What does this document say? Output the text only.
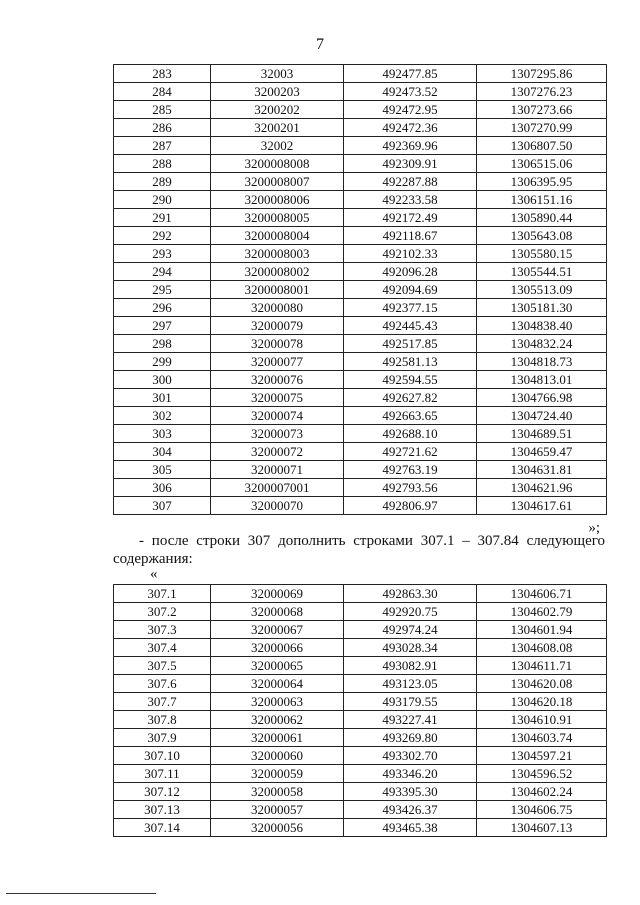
7
283	32003	492477.85	1307295.86
284	3200203	492473.52	1307276.23
285	3200202	492472.95	1307273.66
286	3200201	492472.36	1307270.99
287	32002	492369.96	1306807.50
288	3200008008	492309.91	1306515.06
289	3200008007	492287.88	1306395.95
290	3200008006	492233.58	1306151.16
291	3200008005	492172.49	1305890.44
292	3200008004	492118.67	1305643.08
293	3200008003	492102.33	1305580.15
294	3200008002	492096.28	1305544.51
295	3200008001	492094.69	1305513.09
296	32000080	492377.15	1305181.30
297	32000079	492445.43	1304838.40
298	32000078	492517.85	1304832.24
299	32000077	492581.13	1304818.73
300	32000076	492594.55	1304813.01
301	32000075	492627.82	1304766.98
302	32000074	492663.65	1304724.40
303	32000073	492688.10	1304689.51
304	32000072	492721.62	1304659.47
305	32000071	492763.19	1304631.81
306	3200007001	492793.56	1304621.96
307	32000070	492806.97	1304617.61
»;
- после строки 307 дополнить строками 307.1 – 307.84 следующего содержания:
«
307.1	32000069	492863.30	1304606.71
307.2	32000068	492920.75	1304602.79
307.3	32000067	492974.24	1304601.94
307.4	32000066	493028.34	1304608.08
307.5	32000065	493082.91	1304611.71
307.6	32000064	493123.05	1304620.08
307.7	32000063	493179.55	1304620.18
307.8	32000062	493227.41	1304610.91
307.9	32000061	493269.80	1304603.74
307.10	32000060	493302.70	1304597.21
307.11	32000059	493346.20	1304596.52
307.12	32000058	493395.30	1304602.24
307.13	32000057	493426.37	1304606.75
307.14	32000056	493465.38	1304607.13
